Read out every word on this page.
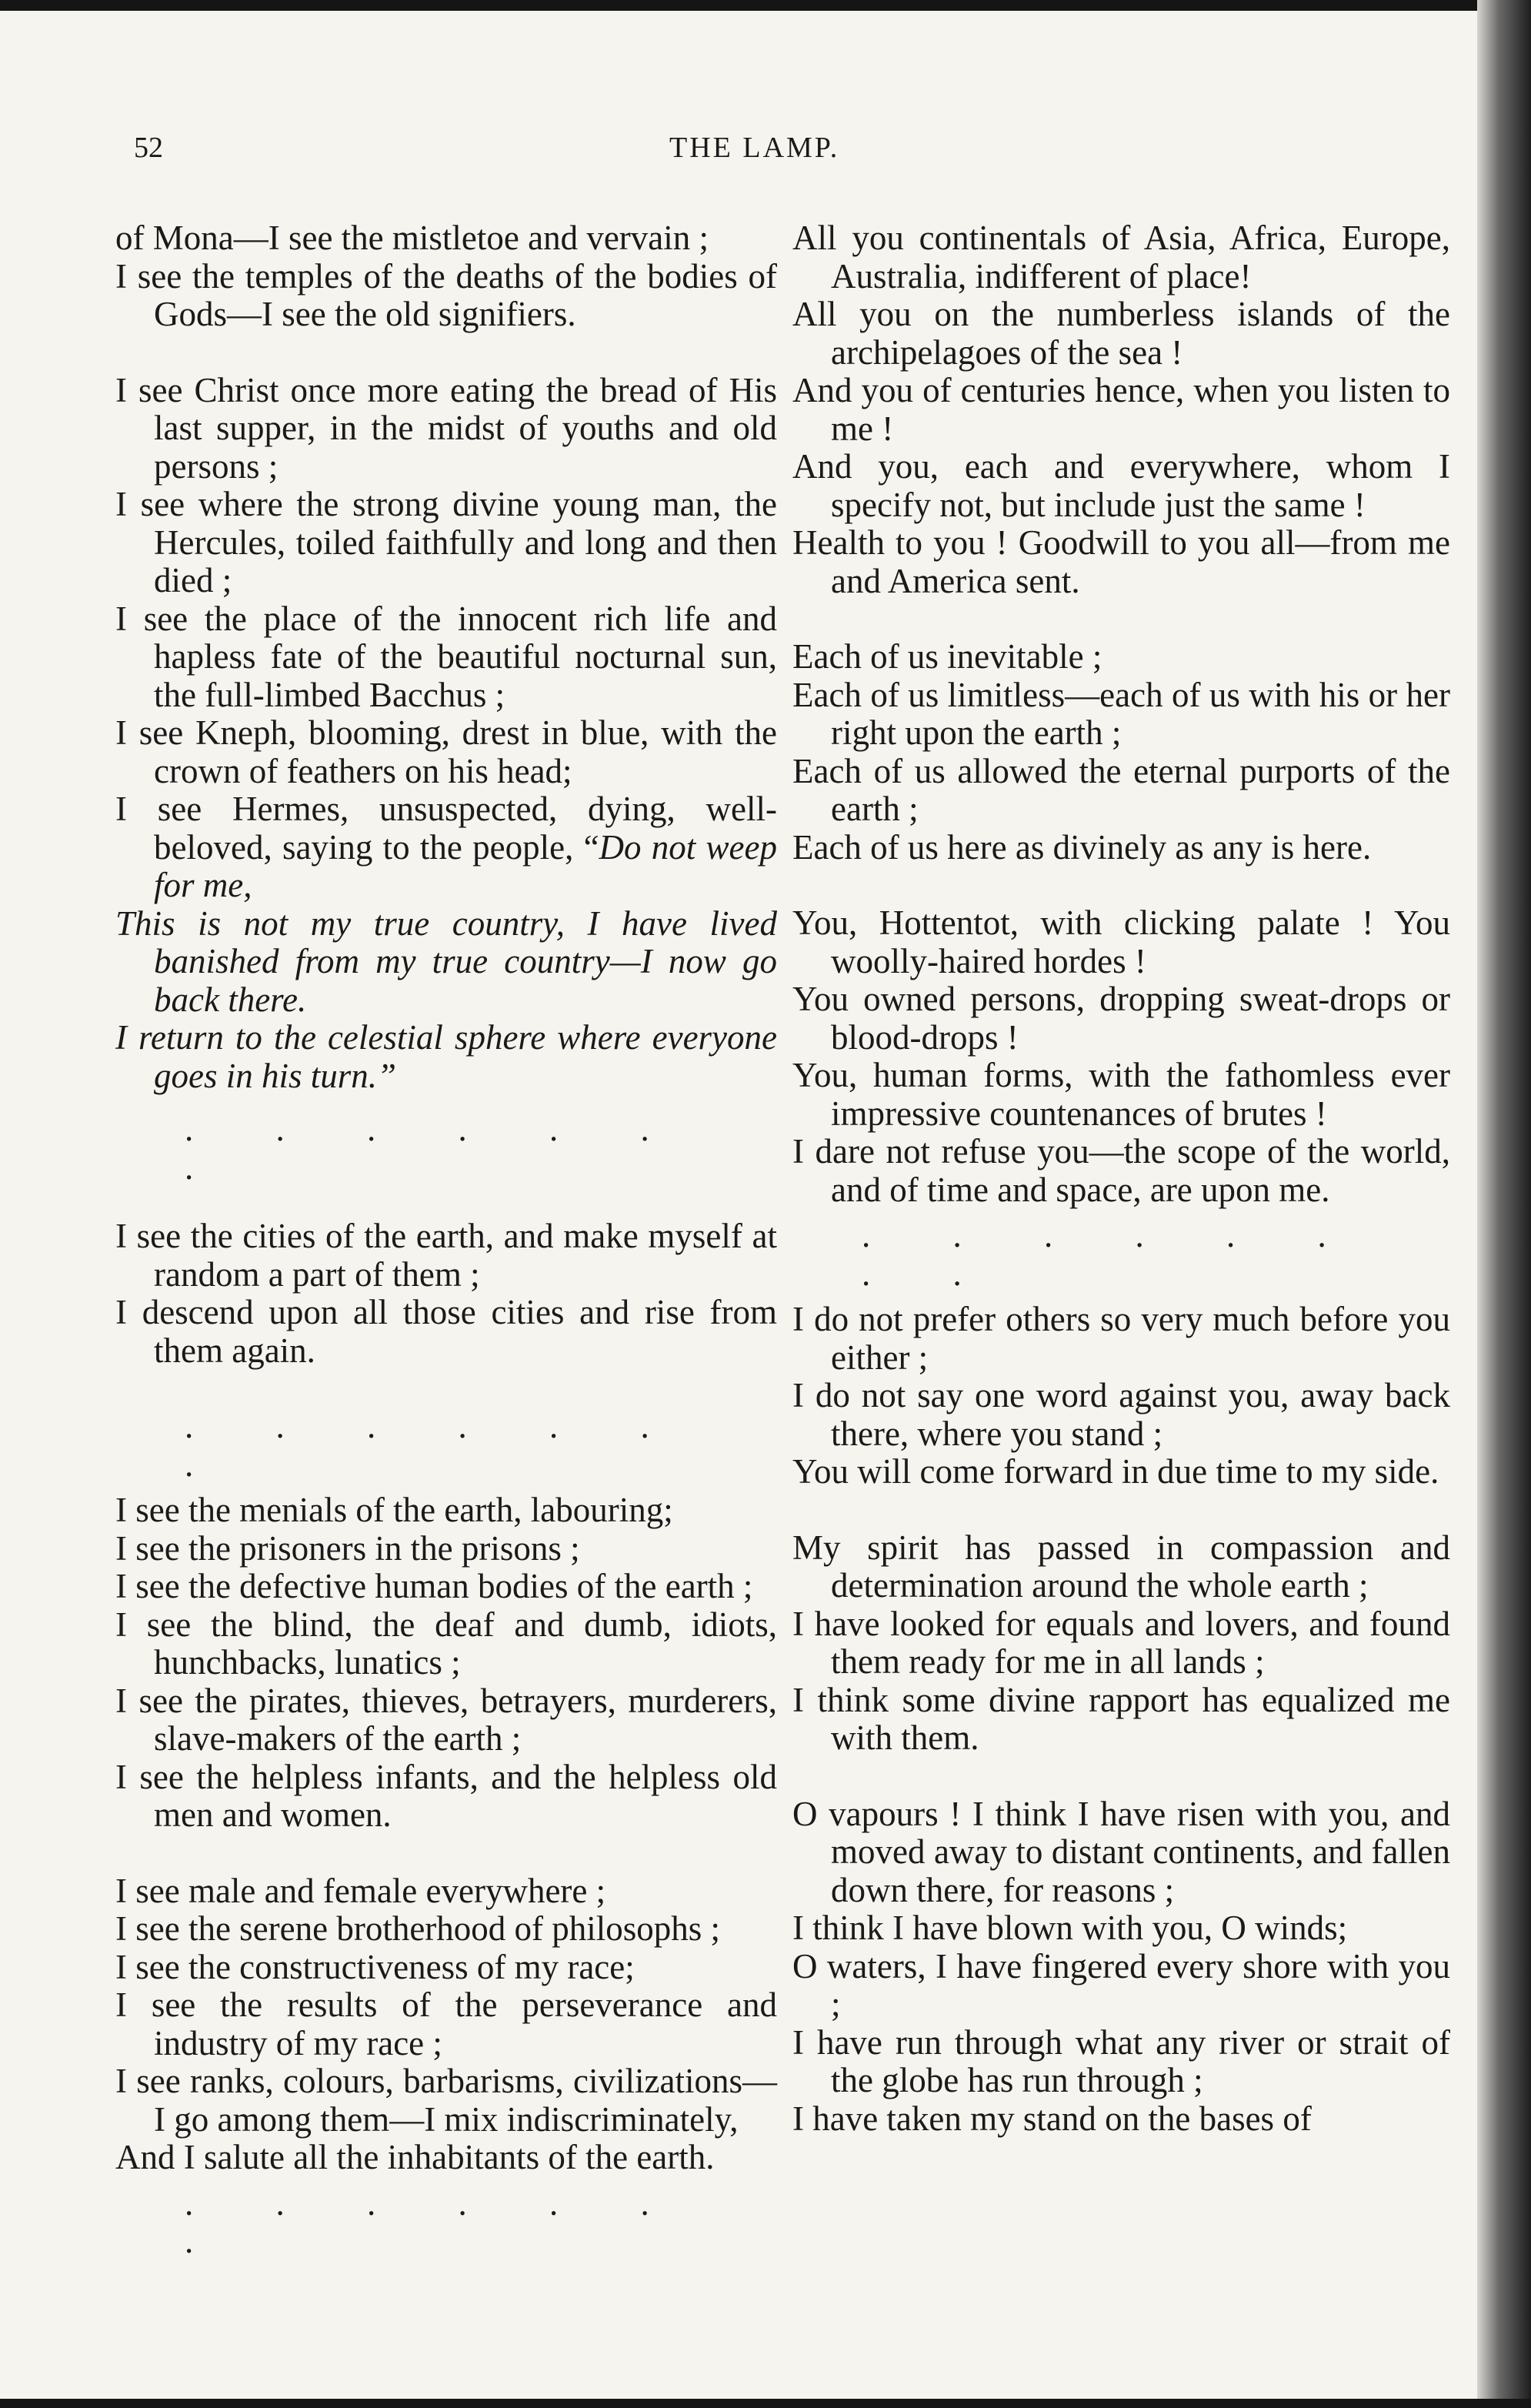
52	THE LAMP.
of Mona—I see the mistletoe and vervain ;
I see the temples of the deaths of the bodies of Gods—I see the old signifiers.
I see Christ once more eating the bread of His last supper, in the midst of youths and old persons ;
I see where the strong divine young man, the Hercules, toiled faithfully and long and then died ;
I see the place of the innocent rich life and hapless fate of the beautiful nocturnal sun, the full-limbed Bacchus ;
I see Kneph, blooming, drest in blue, with the crown of feathers on his head;
I see Hermes, unsuspected, dying, well-beloved, saying to the people, “Do not weep for me,
This is not my true country, I have lived banished from my true country—I now go back there.
I return to the celestial sphere where everyone goes in his turn.”
. . . . . . .
I see the cities of the earth, and make myself at random a part of them ;
I descend upon all those cities and rise from them again.
. . . . . . .
I see the menials of the earth, labouring;
I see the prisoners in the prisons ;
I see the defective human bodies of the earth ;
I see the blind, the deaf and dumb, idiots, hunchbacks, lunatics ;
I see the pirates, thieves, betrayers, murderers, slave-makers of the earth ;
I see the helpless infants, and the helpless old men and women.
I see male and female everywhere ;
I see the serene brotherhood of philosophs ;
I see the constructiveness of my race;
I see the results of the perseverance and industry of my race ;
I see ranks, colours, barbarisms, civilizations—I go among them—I mix indiscriminately,
And I salute all the inhabitants of the earth.
. . . . . . .
All you continentals of Asia, Africa, Europe, Australia, indifferent of place!
All you on the numberless islands of the archipelagoes of the sea !
And you of centuries hence, when you listen to me !
And you, each and everywhere, whom I specify not, but include just the same !
Health to you ! Goodwill to you all—from me and America sent.
Each of us inevitable ;
Each of us limitless—each of us with his or her right upon the earth ;
Each of us allowed the eternal purports of the earth ;
Each of us here as divinely as any is here.
You, Hottentot, with clicking palate ! You woolly-haired hordes !
You owned persons, dropping sweat-drops or blood-drops !
You, human forms, with the fathomless ever impressive countenances of brutes !
I dare not refuse you—the scope of the world, and of time and space, are upon me.
. . . . . . . .
I do not prefer others so very much before you either ;
I do not say one word against you, away back there, where you stand ;
You will come forward in due time to my side.
My spirit has passed in compassion and determination around the whole earth ;
I have looked for equals and lovers, and found them ready for me in all lands ;
I think some divine rapport has equalized me with them.
O vapours ! I think I have risen with you, and moved away to distant continents, and fallen down there, for reasons ;
I think I have blown with you, O winds;
O waters, I have fingered every shore with you ;
I have run through what any river or strait of the globe has run through ;
I have taken my stand on the bases of
